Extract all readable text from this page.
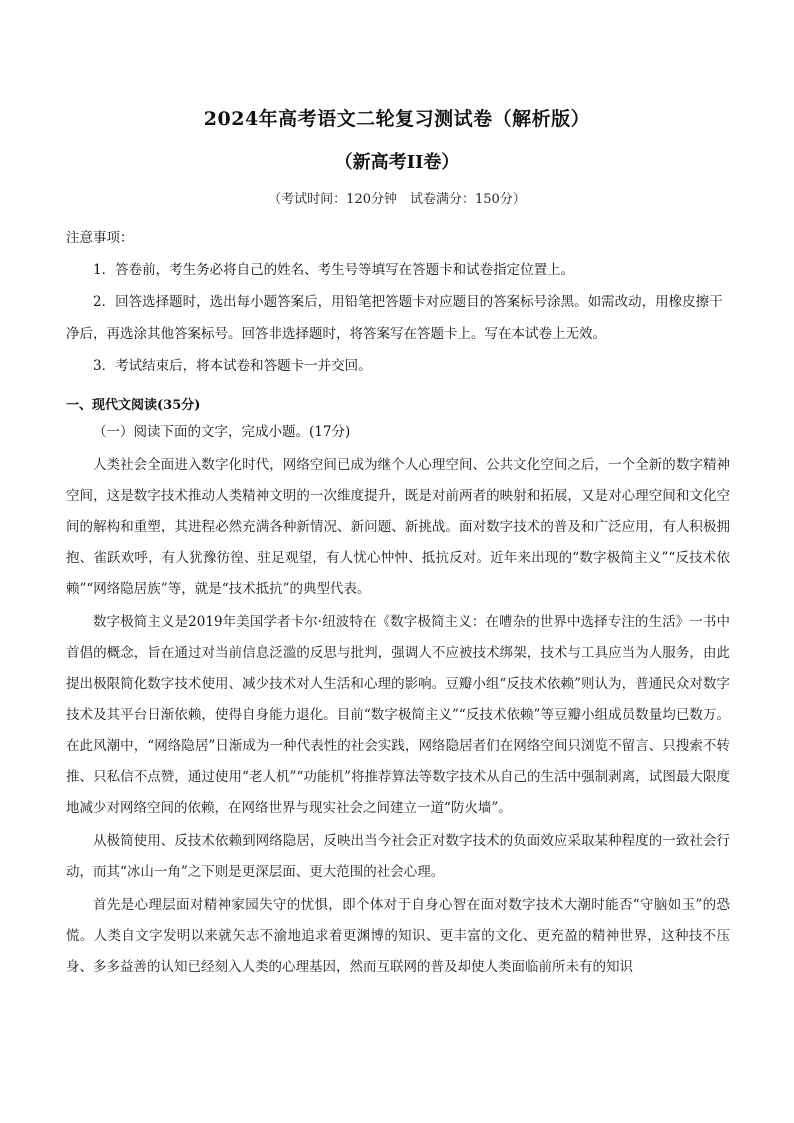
2024年高考语文二轮复习测试卷（解析版）
（新高考II卷）
（考试时间：120分钟　试卷满分：150分）

注意事项：

1．答卷前，考生务必将自己的姓名、考生号等填写在答题卡和试卷指定位置上。

2．回答选择题时，选出每小题答案后，用铅笔把答题卡对应题目的答案标号涂黑。如需改动，用橡皮擦干净后，再选涂其他答案标号。回答非选择题时，将答案写在答题卡上。写在本试卷上无效。

3．考试结束后，将本试卷和答题卡一并交回。

一、现代文阅读(35分)
（一）阅读下面的文字，完成小题。(17分)

人类社会全面进入数字化时代，网络空间已成为继个人心理空间、公共文化空间之后，一个全新的数字精神空间，这是数字技术推动人类精神文明的一次维度提升，既是对前两者的映射和拓展，又是对心理空间和文化空间的解构和重塑，其进程必然充满各种新情况、新问题、新挑战。面对数字技术的普及和广泛应用，有人积极拥抱、雀跃欢呼，有人犹豫彷徨、驻足观望，有人忧心忡忡、抵抗反对。近年来出现的“数字极简主义”“反技术依赖”“网络隐居族”等，就是“技术抵抗”的典型代表。

数字极简主义是2019年美国学者卡尔·纽波特在《数字极简主义：在嘈杂的世界中选择专注的生活》一书中首倡的概念，旨在通过对当前信息泛滥的反思与批判，强调人不应被技术绑架，技术与工具应当为人服务，由此提出极限简化数字技术使用、减少技术对人生活和心理的影响。豆瓣小组“反技术依赖”则认为，普通民众对数字技术及其平台日渐依赖，使得自身能力退化。目前“数字极简主义”“反技术依赖”等豆瓣小组成员数量均已数万。在此风潮中，“网络隐居”日渐成为一种代表性的社会实践，网络隐居者们在网络空间只浏览不留言、只搜索不转推、只私信不点赞，通过使用“老人机”“功能机”将推荐算法等数字技术从自己的生活中强制剥离，试图最大限度地减少对网络空间的依赖，在网络世界与现实社会之间建立一道“防火墙”。

从极简使用、反技术依赖到网络隐居，反映出当今社会正对数字技术的负面效应采取某种程度的一致社会行动，而其“冰山一角”之下则是更深层面、更大范围的社会心理。

首先是心理层面对精神家园失守的忧惧，即个体对于自身心智在面对数字技术大潮时能否“守脑如玉”的恐慌。人类自文字发明以来就矢志不渝地追求着更渊博的知识、更丰富的文化、更充盈的精神世界，这种技不压身、多多益善的认知已经刻入人类的心理基因，然而互联网的普及却使人类面临前所未有的知识
